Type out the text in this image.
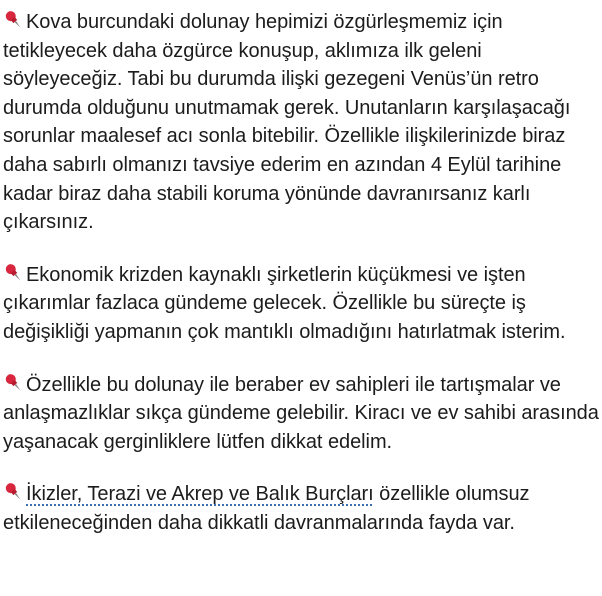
Kova burcundaki dolunay hepimizi özgürleşmemiz için tetikleyecek daha özgürce konuşup, aklımıza ilk geleni söyleyeceğiz. Tabi bu durumda ilişki gezegeni Venüs’ün retro durumda olduğunu unutmamak gerek. Unutanların karşılaşacağı sorunlar maalesef acı sonla bitebilir. Özellikle ilişkilerinizde biraz daha sabırlı olmanızı tavsiye ederim en azından 4 Eylül tarihine kadar biraz daha stabili koruma yönünde davranırsanız karlı çıkarsınız.

Ekonomik krizden kaynaklı şirketlerin küçükmesi ve işten çıkarımlar fazlaca gündeme gelecek. Özellikle bu süreçte iş değişikliği yapmanın çok mantıklı olmadığını hatırlatmak isterim.

Özellikle bu dolunay ile beraber ev sahipleri ile tartışmalar ve anlaşmazlıklar sıkça gündeme gelebilir. Kiracı ve ev sahibi arasında yaşanacak gerginliklere lütfen dikkat edelim.

İkizler, Terazi ve Akrep ve Balık Burçları özellikle olumsuz etkileneceğinden daha dikkatli davranmalarında fayda var.
